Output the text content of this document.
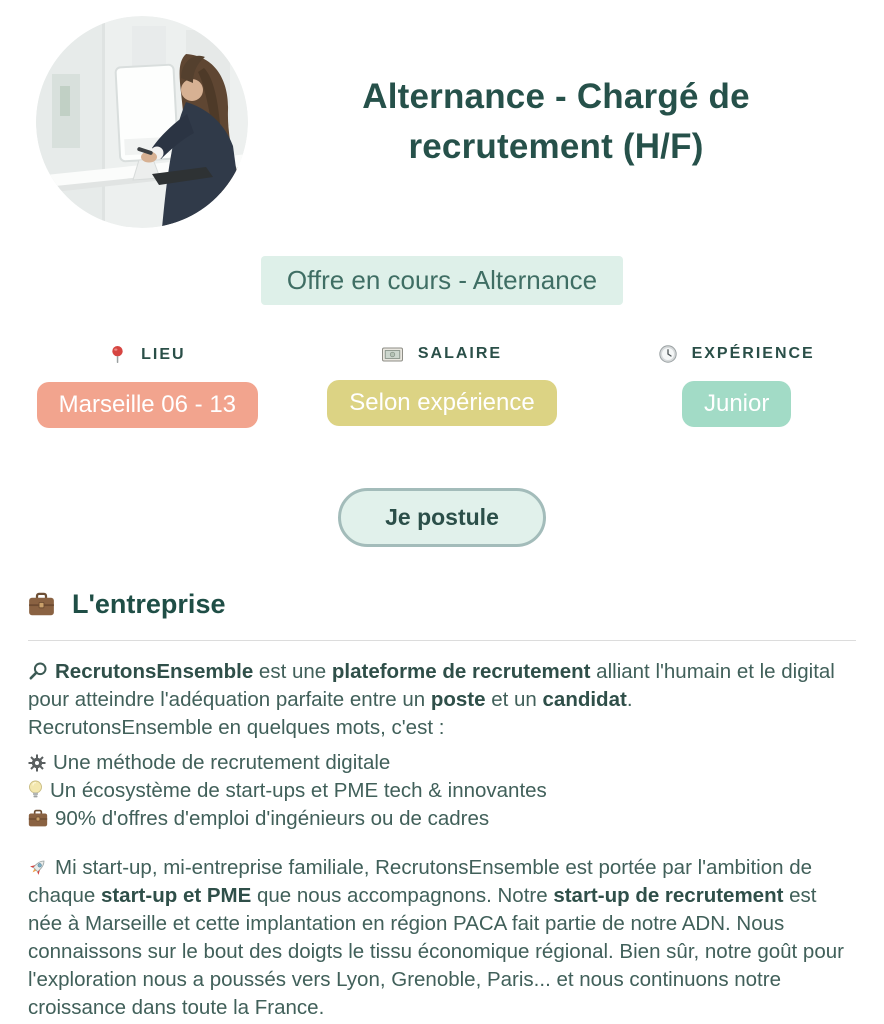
Alternance - Chargé de recrutement (H/F)
Offre en cours - Alternance
LIEU

Marseille 06 - 13
SALAIRE

Selon expérience
EXPÉRIENCE

Junior
Je postule
L'entreprise

RecrutonsEnsemble est une plateforme de recrutement alliant l'humain et le digital pour atteindre l'adéquation parfaite entre un poste et un candidat.
RecrutonsEnsemble en quelques mots, c'est :

Une méthode de recrutement digitale
Un écosystème de start-ups et PME tech & innovantes
90% d'offres d'emploi d'ingénieurs ou de cadres

Mi start-up, mi-entreprise familiale, RecrutonsEnsemble est portée par l'ambition de chaque start-up et PME que nous accompagnons. Notre start-up de recrutement est née à Marseille et cette implantation en région PACA fait partie de notre ADN. Nous connaissons sur le bout des doigts le tissu économique régional. Bien sûr, notre goût pour l'exploration nous a poussés vers Lyon, Grenoble, Paris... et nous continuons notre croissance dans toute la France.
